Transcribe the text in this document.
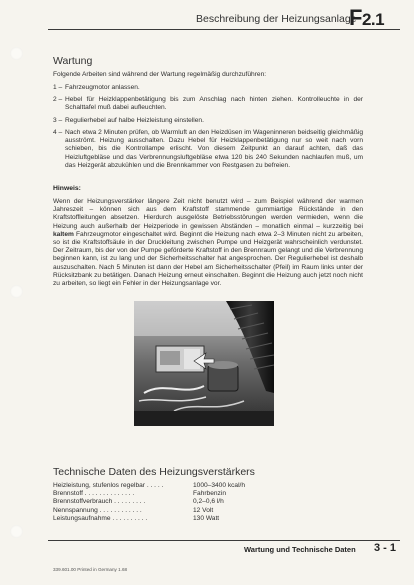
Beschreibung der Heizungsanlage
F2.1
Wartung
Folgende Arbeiten sind während der Wartung regelmäßig durchzuführen:
1 – Fahrzeugmotor anlassen.
2 – Hebel für Heizklappenbetätigung bis zum Anschlag nach hinten ziehen. Kontrolleuchte in der Schalttafel muß dabei aufleuchten.
3 – Regulierhebel auf halbe Heizleistung einstellen.
4 – Nach etwa 2 Minuten prüfen, ob Warmluft an den Heizdüsen im Wageninneren beidseitig gleichmäßig ausströmt. Heizung ausschalten. Dazu Hebel für Heizklappenbetätigung nur so weit nach vorn schieben, bis die Kontrollampe erlischt. Von diesem Zeitpunkt an darauf achten, daß das Heizluftgebläse und das Verbrennungsluftgebläse etwa 120 bis 240 Sekunden nachlaufen muß, um das Heizgerät abzukühlen und die Brennkammer von Restgasen zu befreien.
Hinweis:
Wenn der Heizungsverstärker längere Zeit nicht benutzt wird – zum Beispiel während der warmen Jahreszeit – können sich aus dem Kraftstoff stammende gummiartige Rückstände in den Kraftstoffleitungen absetzen. Hierdurch ausgelöste Betriebsstörungen werden vermieden, wenn die Heizung auch außerhalb der Heizperiode in gewissen Abständen – monatlich einmal – kurzzeitig bei kaltem Fahrzeugmotor eingeschaltet wird. Beginnt die Heizung nach etwa 2–3 Minuten nicht zu arbeiten, so ist die Kraftstoffsäule in der Druckleitung zwischen Pumpe und Heizgerät wahrscheinlich verdunstet. Der Zeitraum, bis der von der Pumpe geförderte Kraftstoff in den Brennraum gelangt und die Verbrennung beginnen kann, ist zu lang und der Sicherheitsschalter hat angesprochen. Der Regulierhebel ist deshalb auszuschalten. Nach 5 Minuten ist dann der Hebel am Sicherheitsschalter (Pfeil) im Raum links unter der Rücksitzbank zu betätigen. Danach Heizung erneut einschalten. Beginnt die Heizung auch jetzt noch nicht zu arbeiten, so liegt ein Fehler in der Heizungsanlage vor.
Technische Daten des Heizungsverstärkers
Heizleistung, stufenlos regelbar . . . . .	1000–3400 kcal/h
Brennstoff . . . . . . . . . . . . . .	Fahrbenzin
Brennstoffverbrauch . . . . . . . . .	0,2–0,6 l/h
Nennspannung . . . . . . . . . . . .	12 Volt
Leistungsaufnahme . . . . . . . . . .	130 Watt
Wartung und Technische Daten 3 - 1
339.601.00 Printed in Germany 1.68
